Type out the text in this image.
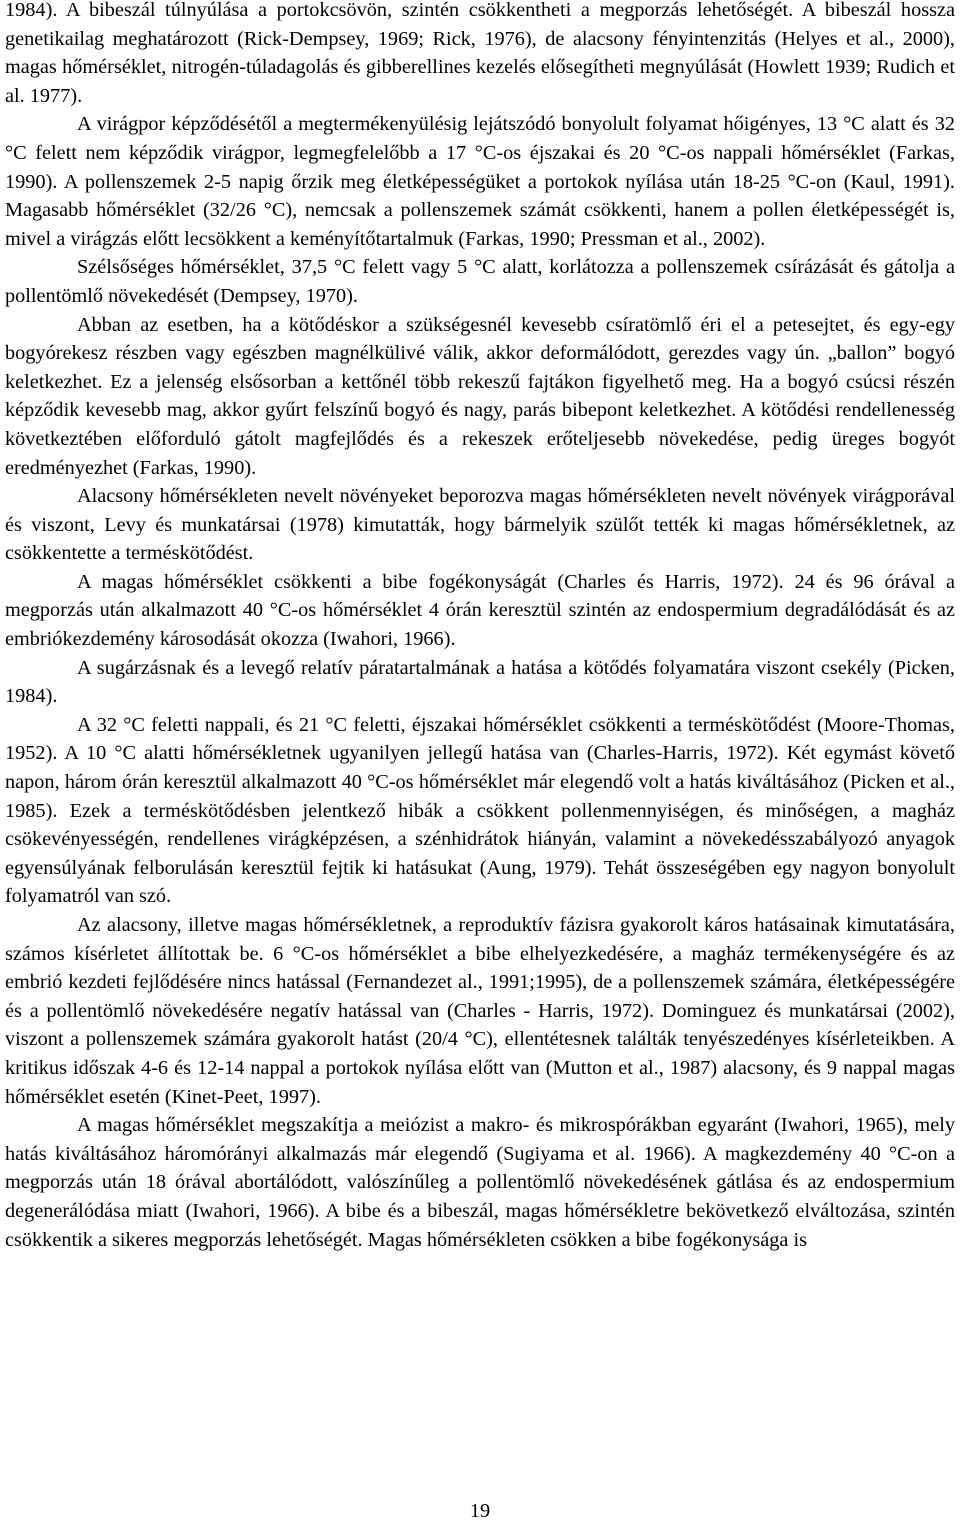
1984). A bibeszál túlnyúlása a portokcsövön, szintén csökkentheti a megporzás lehetőségét. A bibeszál hossza genetikailag meghatározott (Rick-Dempsey, 1969; Rick, 1976), de alacsony fényintenzitás (Helyes et al., 2000), magas hőmérséklet, nitrogén-túladagolás és gibberellines kezelés elősegítheti megnyúlását (Howlett 1939; Rudich et al. 1977).

A virágpor képződésétől a megtermékenyülésig lejátszódó bonyolult folyamat hőigényes, 13 °C alatt és 32 °C felett nem képződik virágpor, legmegfelelőbb a 17 °C-os éjszakai és 20 °C-os nappali hőmérséklet (Farkas, 1990). A pollenszemek 2-5 napig őrzik meg életképességüket a portokok nyílása után 18-25 °C-on (Kaul, 1991). Magasabb hőmérséklet (32/26 °C), nemcsak a pollenszemek számát csökkenti, hanem a pollen életképességét is, mivel a virágzás előtt lecsökkent a keményítőtartalmuk (Farkas, 1990; Pressman et al., 2002).

Szélsőséges hőmérséklet, 37,5 °C felett vagy 5 °C alatt, korlátozza a pollenszemek csírázását és gátolja a pollentömlő növekedését (Dempsey, 1970).

Abban az esetben, ha a kötődéskor a szükségesnél kevesebb csíratömlő éri el a petesejtet, és egy-egy bogyórekesz részben vagy egészben magnélkülivé válik, akkor deformálódott, gerezdes vagy ún. „ballon” bogyó keletkezhet. Ez a jelenség elsősorban a kettőnél több rekeszű fajtákon figyelhető meg. Ha a bogyó csúcsi részén képződik kevesebb mag, akkor gyűrt felszínű bogyó és nagy, parás bibepont keletkezhet. A kötődési rendellenesség következtében előforduló gátolt magfejlődés és a rekeszek erőteljesebb növekedése, pedig üreges bogyót eredményezhet (Farkas, 1990).

Alacsony hőmérsékleten nevelt növényeket beporozva magas hőmérsékleten nevelt növények virágporával és viszont, Levy és munkatársai (1978) kimutatták, hogy bármelyik szülőt tették ki magas hőmérsékletnek, az csökkentette a terméskötődést.

A magas hőmérséklet csökkenti a bibe fogékonyságát (Charles és Harris, 1972). 24 és 96 órával a megporzás után alkalmazott 40 °C-os hőmérséklet 4 órán keresztül szintén az endospermium degradálódását és az embriókezdemény károsodását okozza (Iwahori, 1966).

A sugárzásnak és a levegő relatív páratartalmának a hatása a kötődés folyamatára viszont csekély (Picken, 1984).

A 32 °C feletti nappali, és 21 °C feletti, éjszakai hőmérséklet csökkenti a terméskötődést (Moore-Thomas, 1952). A 10 °C alatti hőmérsékletnek ugyanilyen jellegű hatása van (Charles-Harris, 1972). Két egymást követő napon, három órán keresztül alkalmazott 40 °C-os hőmérséklet már elegendő volt a hatás kiváltásához (Picken et al., 1985). Ezek a terméskötődésben jelentkező hibák a csökkent pollenmennyiségen, és minőségen, a magház csökevényességén, rendellenes virágképzésen, a szénhidrátok hiányán, valamint a növekedésszabályozó anyagok egyensúlyának felborulásán keresztül fejtik ki hatásukat (Aung, 1979). Tehát összeségében egy nagyon bonyolult folyamatról van szó.

Az alacsony, illetve magas hőmérsékletnek, a reproduktív fázisra gyakorolt káros hatásainak kimutatására, számos kísérletet állítottak be. 6 °C-os hőmérséklet a bibe elhelyezkedésére, a magház termékenységére és az embrió kezdeti fejlődésére nincs hatással (Fernandezet al., 1991;1995), de a pollenszemek számára, életképességére és a pollentömlő növekedésére negatív hatással van (Charles - Harris, 1972). Dominguez és munkatársai (2002), viszont a pollenszemek számára gyakorolt hatást (20/4 °C), ellentétesnek találták tenyészedényes kísérleteikben. A kritikus időszak 4-6 és 12-14 nappal a portokok nyílása előtt van (Mutton et al., 1987) alacsony, és 9 nappal magas hőmérséklet esetén (Kinet-Peet, 1997).

A magas hőmérséklet megszakítja a meiózist a makro- és mikrospórákban egyaránt (Iwahori, 1965), mely hatás kiváltásához háromórányi alkalmazás már elegendő (Sugiyama et al. 1966). A magkezdemény 40 °C-on a megporzás után 18 órával abortálódott, valószínűleg a pollentömlő növekedésének gátlása és az endospermium degenerálódása miatt (Iwahori, 1966). A bibe és a bibeszál, magas hőmérsékletre bekövetkező elváltozása, szintén csökkentik a sikeres megporzás lehetőségét. Magas hőmérsékleten csökken a bibe fogékonysága is

19
